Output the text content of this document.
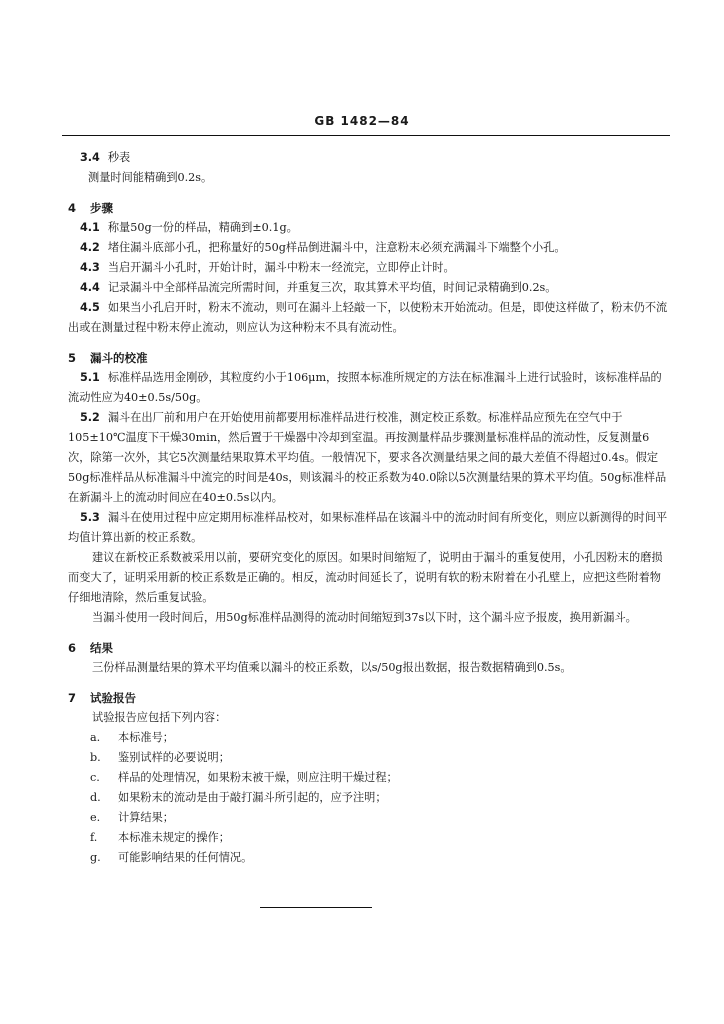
GB 1482—84
3.4 秒表
测量时间能精确到0.2s。
4 步骤
4.1 称量50g一份的样品，精确到±0.1g。
4.2 堵住漏斗底部小孔，把称量好的50g样品倒进漏斗中，注意粉末必须充满漏斗下端整个小孔。
4.3 当启开漏斗小孔时，开始计时，漏斗中粉末一经流完，立即停止计时。
4.4 记录漏斗中全部样品流完所需时间，并重复三次，取其算术平均值，时间记录精确到0.2s。
4.5 如果当小孔启开时，粉末不流动，则可在漏斗上轻敲一下，以使粉末开始流动。但是，即使这样做了，粉末仍不流出或在测量过程中粉末停止流动，则应认为这种粉末不具有流动性。
5 漏斗的校准
5.1 标准样品选用金刚砂，其粒度约小于106μm，按照本标准所规定的方法在标准漏斗上进行试验时，该标准样品的流动性应为40±0.5s/50g。
5.2 漏斗在出厂前和用户在开始使用前都要用标准样品进行校准，测定校正系数。标准样品应预先在空气中于105±10℃温度下干燥30min，然后置于干燥器中冷却到室温。再按测量样品步骤测量标准样品的流动性，反复测量6次，除第一次外，其它5次测量结果取算术平均值。一般情况下，要求各次测量结果之间的最大差值不得超过0.4s。假定50g标准样品从标准漏斗中流完的时间是40s，则该漏斗的校正系数为40.0除以5次测量结果的算术平均值。50g标准样品在新漏斗上的流动时间应在40±0.5s以内。
5.3 漏斗在使用过程中应定期用标准样品校对，如果标准样品在该漏斗中的流动时间有所变化，则应以新测得的时间平均值计算出新的校正系数。
建议在新校正系数被采用以前，要研究变化的原因。如果时间缩短了，说明由于漏斗的重复使用，小孔因粉末的磨损而变大了，证明采用新的校正系数是正确的。相反，流动时间延长了，说明有软的粉末附着在小孔壁上，应把这些附着物仔细地清除，然后重复试验。
当漏斗使用一段时间后，用50g标准样品测得的流动时间缩短到37s以下时，这个漏斗应予报废，换用新漏斗。
6 结果
三份样品测量结果的算术平均值乘以漏斗的校正系数，以s/50g报出数据，报告数据精确到0.5s。
7 试验报告
试验报告应包括下列内容：
a. 本标准号；
b. 鉴别试样的必要说明；
c. 样品的处理情况，如果粉末被干燥，则应注明干燥过程；
d. 如果粉末的流动是由于敲打漏斗所引起的，应予注明；
e. 计算结果；
f. 本标准未规定的操作；
g. 可能影响结果的任何情况。
